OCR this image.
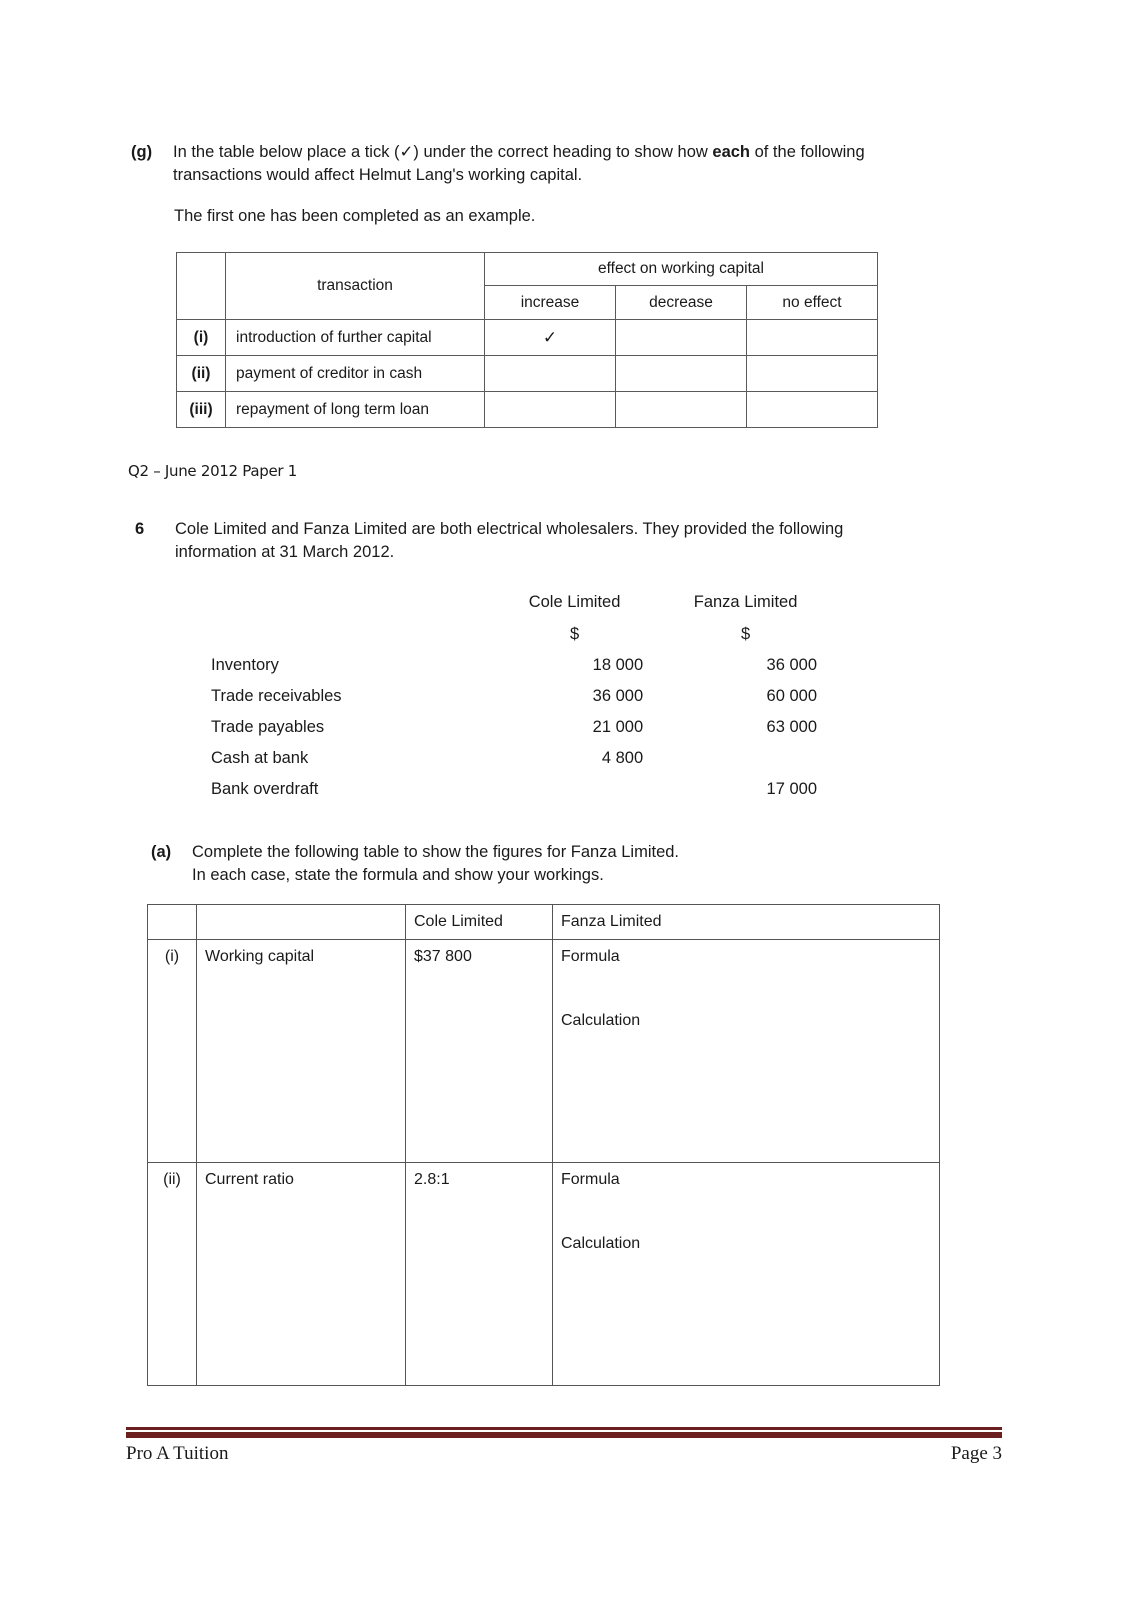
(g)	In the table below place a tick (✓) under the correct heading to show how each of the following transactions would affect Helmut Lang's working capital.
The first one has been completed as an example.
	transaction	effect on working capital		
		increase	decrease	no effect
(i)	introduction of further capital	✓		
(ii)	payment of creditor in cash			
(iii)	repayment of long term loan			
Q2 – June 2012 Paper 1
6	Cole Limited and Fanza Limited are both electrical wholesalers. They provided the following information at 31 March 2012.
	Cole Limited	Fanza Limited
	$	$
Inventory	18 000	36 000
Trade receivables	36 000	60 000
Trade payables	21 000	63 000
Cash at bank	4 800	
Bank overdraft		17 000
(a)	Complete the following table to show the figures for Fanza Limited.
In each case, state the formula and show your workings.
		Cole Limited	Fanza Limited
(i)	Working capital	$37 800	Formula
Calculation

(ii)	Current ratio	2.8:1	Formula
Calculation
Pro A Tuition	Page 3
